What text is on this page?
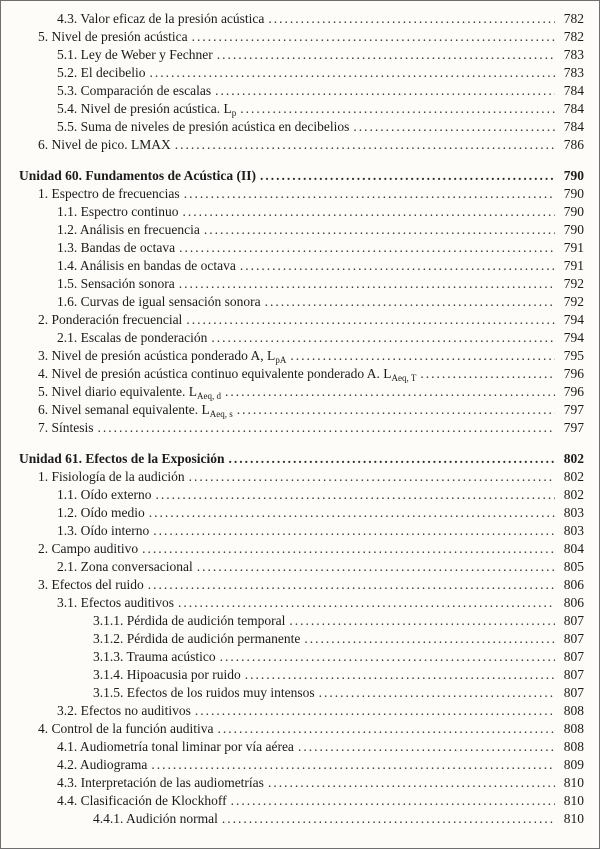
4.3. Valor eficaz de la presión acústica .....	782
5. Nivel de presión acústica .....	782
5.1. Ley de Weber y Fechner .....	783
5.2. El decibelio .....	783
5.3. Comparación de escalas .....	784
5.4. Nivel de presión acústica. $L_p$ .....	784
5.5. Suma de niveles de presión acústica en decibelios .....	784
6. Nivel de pico. LMAX .....	786
Unidad 60. Fundamentos de Acústica (II) .....	790
1. Espectro de frecuencias .....	790
1.1. Espectro continuo .....	790
1.2. Análisis en frecuencia .....	790
1.3. Bandas de octava .....	791
1.4. Análisis en bandas de octava .....	791
1.5. Sensación sonora .....	792
1.6. Curvas de igual sensación sonora .....	792
2. Ponderación frecuencial .....	794
2.1. Escalas de ponderación .....	794
3. Nivel de presión acústica ponderado A, $L_{pA}$ .....	795
4. Nivel de presión acústica continuo equivalente ponderado A. $L_{Aeq, T}$ .....	796
5. Nivel diario equivalente. $L_{Aeq, d}$ .....	796
6. Nivel semanal equivalente. $L_{Aeq, s}$ .....	797
7. Síntesis .....	797
Unidad 61. Efectos de la Exposición .....	802
1. Fisiología de la audición .....	802
1.1. Oído externo .....	802
1.2. Oído medio .....	803
1.3. Oído interno .....	803
2. Campo auditivo .....	804
2.1. Zona conversacional .....	805
3. Efectos del ruido .....	806
3.1. Efectos auditivos .....	806
3.1.1. Pérdida de audición temporal .....	807
3.1.2. Pérdida de audición permanente .....	807
3.1.3. Trauma acústico .....	807
3.1.4. Hipoacusia por ruido .....	807
3.1.5. Efectos de los ruidos muy intensos .....	807
3.2. Efectos no auditivos .....	808
4. Control de la función auditiva .....	808
4.1. Audiometría tonal liminar por vía aérea .....	808
4.2. Audiograma .....	809
4.3. Interpretación de las audiometrías .....	810
4.4. Clasificación de Klockhoff .....	810
4.4.1. Audición normal .....	810
